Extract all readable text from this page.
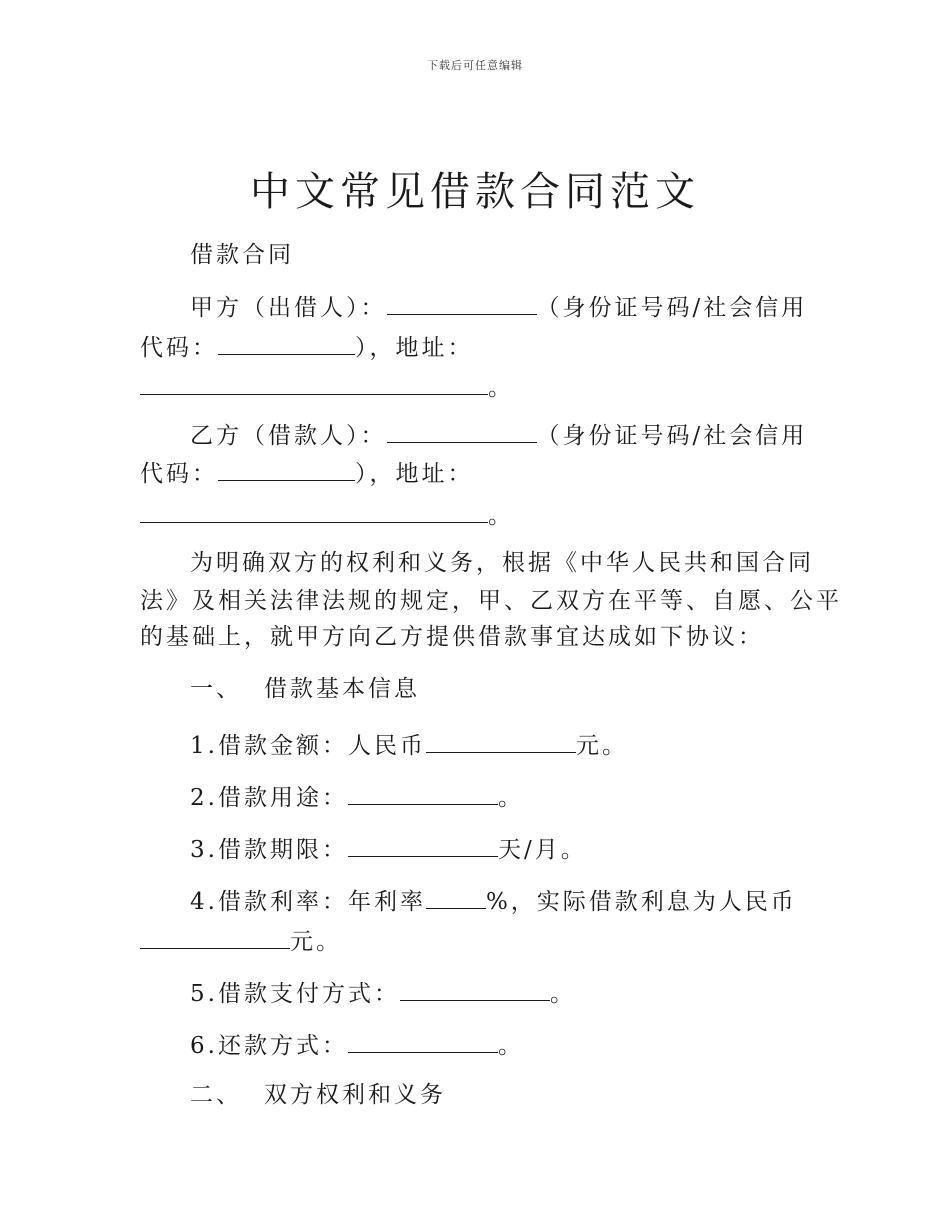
下载后可任意编辑
中文常见借款合同范文
借款合同
甲方（出借人）：	（身份证号码/社会信用
代码：	），地址：
。
乙方（借款人）：	（身份证号码/社会信用
代码：	），地址：
。
为明确双方的权利和义务，根据《中华人民共和国合同
法》及相关法律法规的规定，甲、乙双方在平等、自愿、公平
的基础上，就甲方向乙方提供借款事宜达成如下协议：
一、 借款基本信息
1.借款金额：人民币	元。
2.借款用途：	。
3.借款期限：	天/月。
4.借款利率：年利率	%，实际借款利息为人民币
元。
5.借款支付方式：	。
6.还款方式：	。
二、 双方权利和义务
